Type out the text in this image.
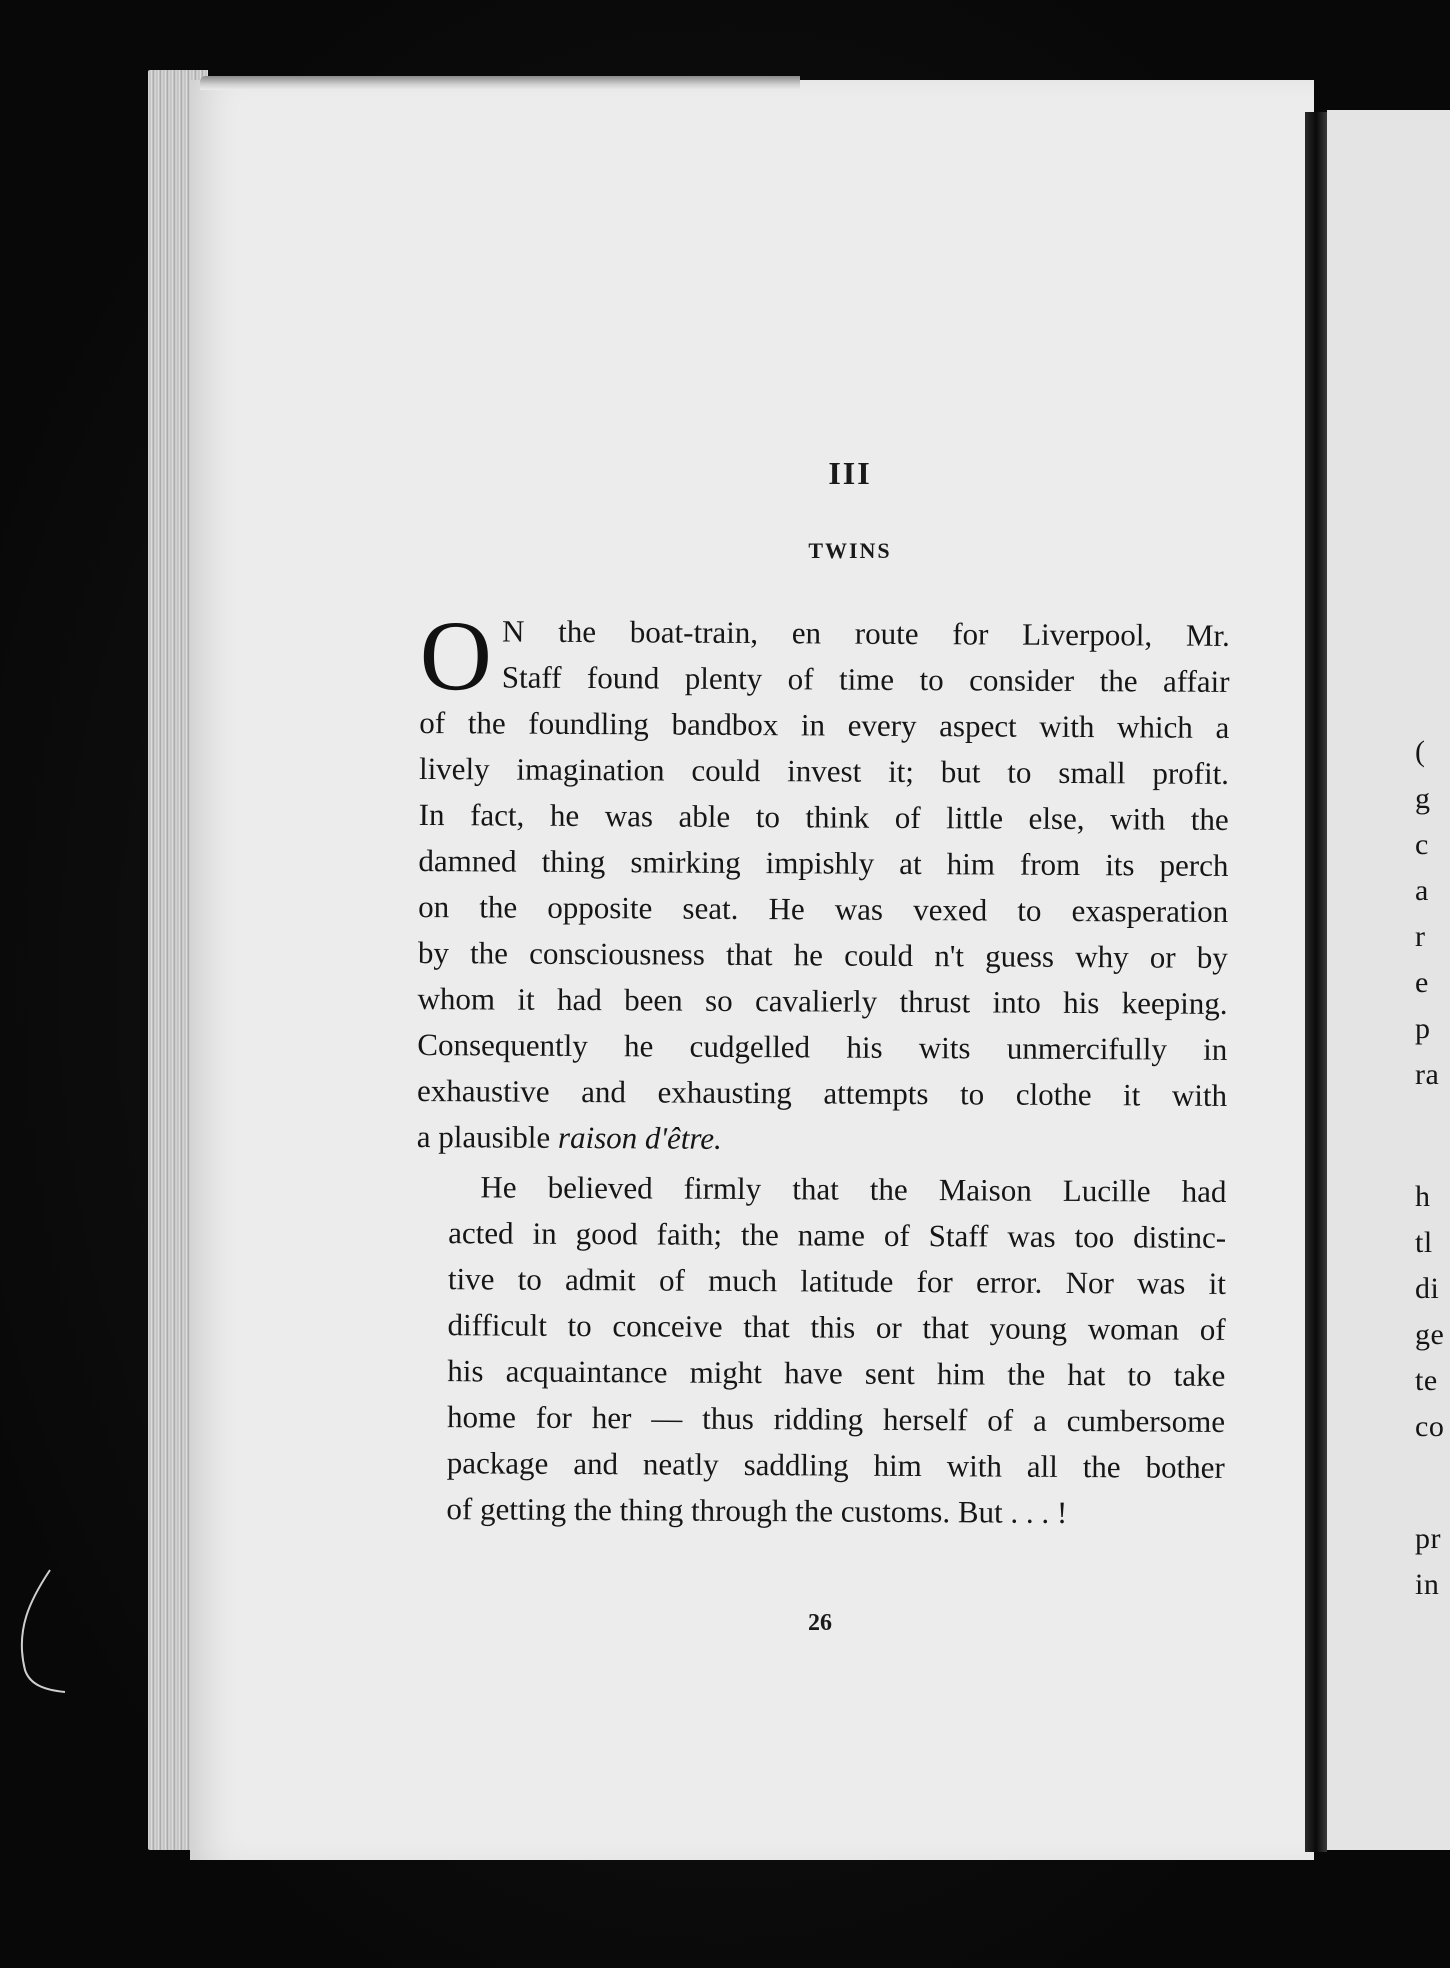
(
g
c
a
r
e
p
ra
h
tl
di
ge
te
co
pr
in
III
TWINS
O N the boat-train, en route for Liverpool, Mr.
Staff found plenty of time to consider the affair
of the foundling bandbox in every aspect with which a
lively imagination could invest it; but to small profit.
In fact, he was able to think of little else, with the
damned thing smirking impishly at him from its perch
on the opposite seat. He was vexed to exasperation
by the consciousness that he could n't guess why or by
whom it had been so cavalierly thrust into his keeping.
Consequently he cudgelled his wits unmercifully in
exhaustive and exhausting attempts to clothe it with
a plausible raison d'être.
He believed firmly that the Maison Lucille had
acted in good faith; the name of Staff was too distinc-
tive to admit of much latitude for error. Nor was it
difficult to conceive that this or that young woman of
his acquaintance might have sent him the hat to take
home for her — thus ridding herself of a cumbersome
package and neatly saddling him with all the bother
of getting the thing through the customs. But . . . !
26
